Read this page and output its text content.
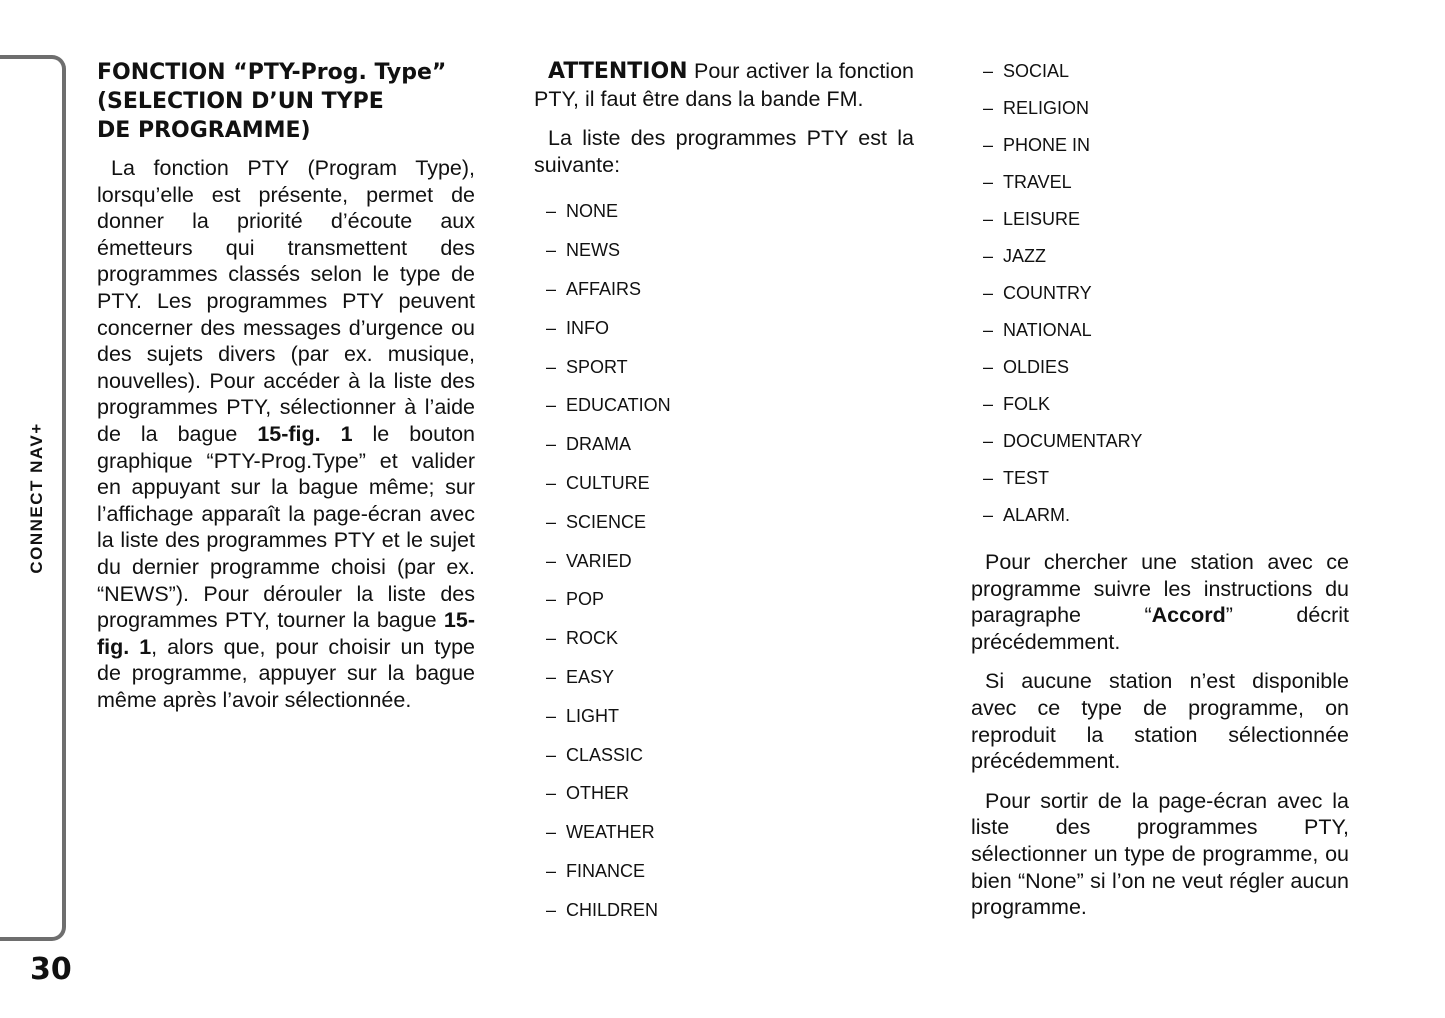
CONNECT NAV+
30
FONCTION “PTY-Prog. Type”
(SELECTION D’UN TYPE
DE PROGRAMME)

La fonction PTY (Program Type), lorsqu’elle est présente, permet de donner la priorité d’écoute aux émetteurs qui transmettent des programmes classés selon le type de PTY. Les programmes PTY peuvent concerner des messages d’urgence ou des sujets divers (par ex. musique, nouvelles). Pour accéder à la liste des programmes PTY, sélectionner à l’aide de la bague 15-fig. 1 le bouton graphique “PTY-Prog.Type” et valider en appuyant sur la bague même; sur l’affichage apparaît la page-écran avec la liste des programmes PTY et le sujet du dernier programme choisi (par ex. “NEWS”). Pour dérouler la liste des programmes PTY, tourner la bague 15-fig. 1, alors que, pour choisir un type de programme, appuyer sur la bague même après l’avoir sélectionnée.

ATTENTION Pour activer la fonction PTY, il faut être dans la bande FM.

La liste des programmes PTY est la suivante:

– NONE
– NEWS
– AFFAIRS
– INFO
– SPORT
– EDUCATION
– DRAMA
– CULTURE
– SCIENCE
– VARIED
– POP
– ROCK
– EASY
– LIGHT
– CLASSIC
– OTHER
– WEATHER
– FINANCE
– CHILDREN
– SOCIAL
– RELIGION
– PHONE IN
– TRAVEL
– LEISURE
– JAZZ
– COUNTRY
– NATIONAL
– OLDIES
– FOLK
– DOCUMENTARY
– TEST
– ALARM.

Pour chercher une station avec ce programme suivre les instructions du paragraphe “Accord” décrit précédemment.

Si aucune station n’est disponible avec ce type de programme, on reproduit la station sélectionnée précédemment.

Pour sortir de la page-écran avec la liste des programmes PTY, sélectionner un type de programme, ou bien “None” si l’on ne veut régler aucun programme.
